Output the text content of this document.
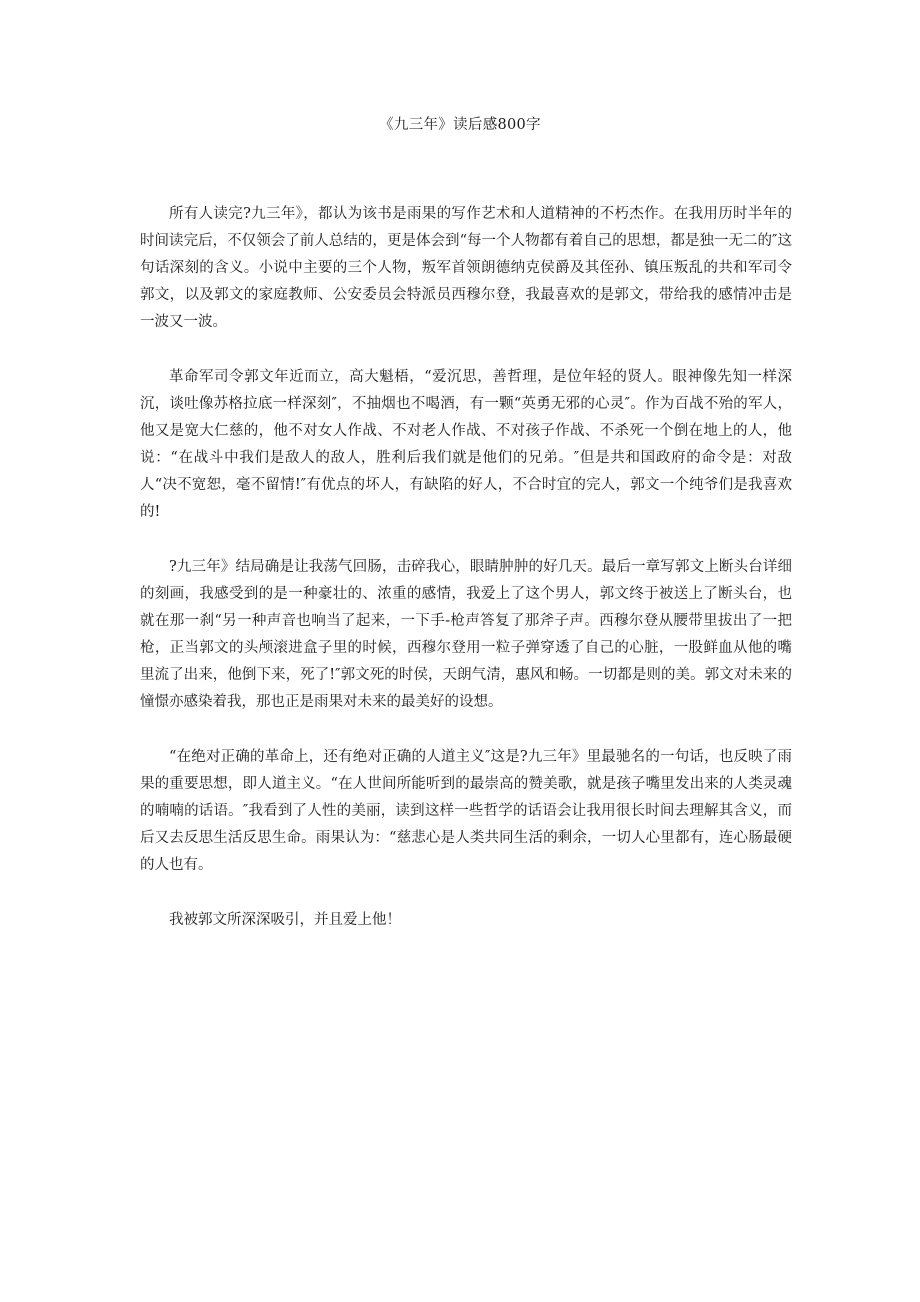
《九三年》读后感800字

所有人读完?九三年》，都认为该书是雨果的写作艺术和人道精神的不朽杰作。在我用历时半年的时间读完后，不仅领会了前人总结的，更是体会到“每一个人物都有着自己的思想，都是独一无二的″这句话深刻的含义。小说中主要的三个人物，叛军首领朗德纳克侯爵及其侄孙、镇压叛乱的共和军司令郭文，以及郭文的家庭教师、公安委员会特派员西穆尔登，我最喜欢的是郭文，带给我的感情冲击是一波又一波。

革命军司令郭文年近而立，高大魁梧，“爱沉思，善哲理，是位年轻的贤人。眼神像先知一样深沉，谈吐像苏格拉底一样深刻″，不抽烟也不喝酒，有一颗“英勇无邪的心灵″。作为百战不殆的军人，他又是宽大仁慈的，他不对女人作战、不对老人作战、不对孩子作战、不杀死一个倒在地上的人，他说：“在战斗中我们是敌人的敌人，胜利后我们就是他们的兄弟。″但是共和国政府的命令是：对敌人“决不宽恕，毫不留情!″有优点的坏人，有缺陷的好人，不合时宜的完人，郭文一个纯爷们是我喜欢的!

?九三年》结局确是让我荡气回肠，击碎我心，眼睛肿肿的好几天。最后一章写郭文上断头台详细的刻画，我感受到的是一种豪壮的、浓重的感情，我爱上了这个男人，郭文终于被送上了断头台，也就在那一刹“另一种声音也响当了起来，一下手-枪声答复了那斧子声。西穆尔登从腰带里拔出了一把枪，正当郭文的头颅滚进盒子里的时候，西穆尔登用一粒子弹穿透了自己的心脏，一股鲜血从他的嘴里流了出来，他倒下来，死了!″郭文死的时侯，天朗气清，惠风和畅。一切都是则的美。郭文对未来的憧憬亦感染着我，那也正是雨果对未来的最美好的设想。

“在绝对正确的革命上，还有绝对正确的人道主义″这是?九三年》里最驰名的一句话，也反映了雨果的重要思想，即人道主义。“在人世间所能听到的最崇高的赞美歌，就是孩子嘴里发出来的人类灵魂的喃喃的话语。″我看到了人性的美丽，读到这样一些哲学的话语会让我用很长时间去理解其含义，而后又去反思生活反思生命。雨果认为：“慈悲心是人类共同生活的剩余，一切人心里都有，连心肠最硬的人也有。

我被郭文所深深吸引，并且爱上他！
